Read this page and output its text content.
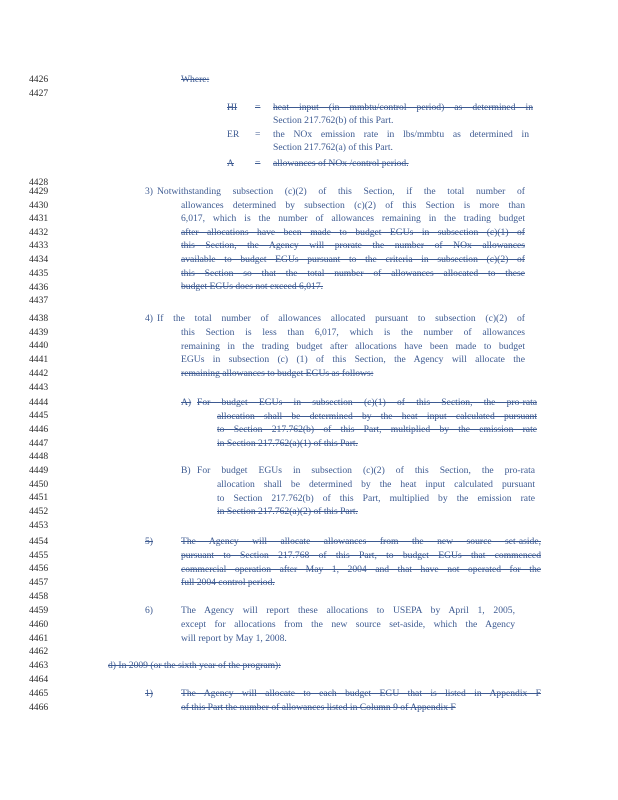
4426
4427
4428
4429
4430
4431
4432
4433
4434
4435
4436
4437
4438
4439
4440
4441
4442
4443
4444
4445
4446
4447
4448
4449
4450
4451
4452
4453
4454
4455
4456
4457
4458
4459
4460
4461
4462
4463
4464
4465
4466
Where:
HI = heat input (in mmbtu/control period) as determined in
Section 217.762(b) of this Part.
ER = the NOx emission rate in lbs/mmbtu as determined in
Section 217.762(a) of this Part.
A = allowances of NOx /control period.
3) Notwithstanding subsection (c)(2) of this Section, if the total number of
allowances determined by subsection (c)(2) of this Section is more than
6,017, which is the number of allowances remaining in the trading budget
after allocations have been made to budget EGUs in subsection (c)(1) of
this Section, the Agency will prorate the number of NOx allowances
available to budget EGUs pursuant to the criteria in subsection (c)(2) of
this Section so that the total number of allowances allocated to these
budget EGUs does not exceed 6,017.
4) If the total number of allowances allocated pursuant to subsection (c)(2) of
this Section is less than 6,017, which is the number of allowances
remaining in the trading budget after allocations have been made to budget
EGUs in subsection (c) (1) of this Section, the Agency will allocate the
remaining allowances to budget EGUs as follows:
A) For budget EGUs in subsection (c)(1) of this Section, the pro-rata
allocation shall be determined by the heat input calculated pursuant
to Section 217.762(b) of this Part, multiplied by the emission rate
in Section 217.762(a)(1) of this Part.
B) For budget EGUs in subsection (c)(2) of this Section, the pro-rata
allocation shall be determined by the heat input calculated pursuant
to Section 217.762(b) of this Part, multiplied by the emission rate
in Section 217.762(a)(2) of this Part.
5)	The Agency will allocate allowances from the new source set-aside,
pursuant to Section 217.768 of this Part, to budget EGUs that commenced
commercial operation after May 1, 2004 and that have not operated for the
full 2004 control period.
6)	The Agency will report these allocations to USEPA by April 1, 2005,
except for allocations from the new source set-aside, which the Agency
will report by May 1, 2008.
d) In 2009 (or the sixth year of the program):
1)	The Agency will allocate to each budget EGU that is listed in Appendix F
of this Part the number of allowances listed in Column 9 of Appendix F
